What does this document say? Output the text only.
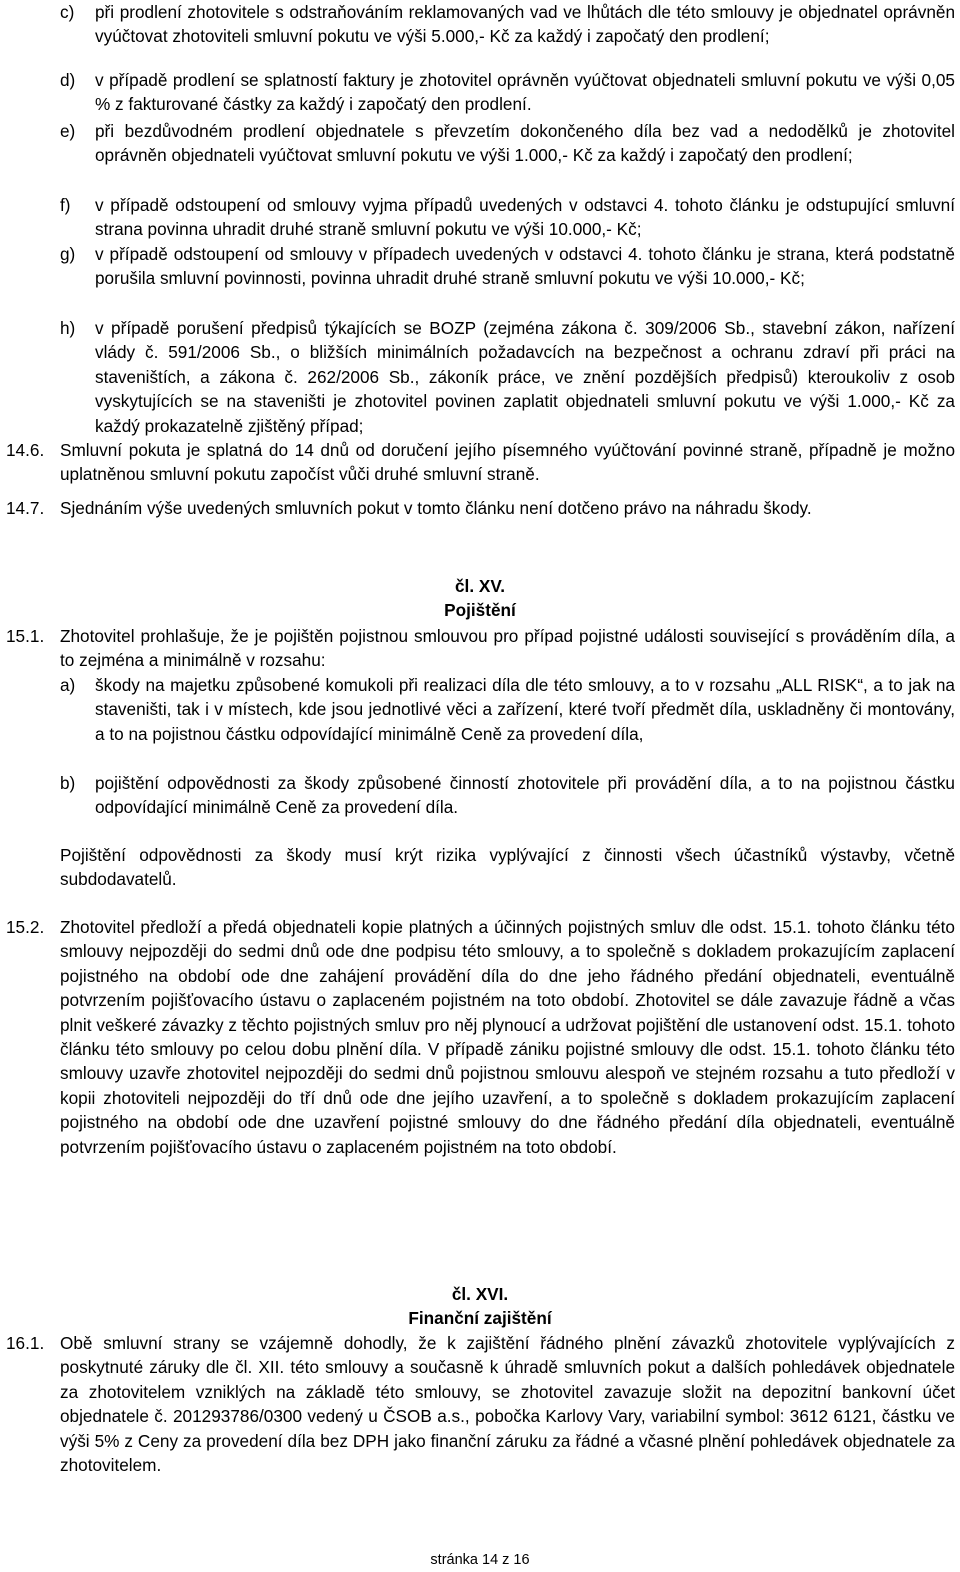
c) při prodlení zhotovitele s odstraňováním reklamovaných vad ve lhůtách dle této smlouvy je objednatel oprávněn vyúčtovat zhotoviteli smluvní pokutu ve výši 5.000,- Kč za každý i započatý den prodlení;
d) v případě prodlení se splatností faktury je zhotovitel oprávněn vyúčtovat objednateli smluvní pokutu ve výši 0,05 % z fakturované částky za každý i započatý den prodlení.
e) při bezdůvodném prodlení objednatele s převzetím dokončeného díla bez vad a nedodělků je zhotovitel oprávněn objednateli vyúčtovat smluvní pokutu ve výši 1.000,- Kč za každý i započatý den prodlení;
f) v případě odstoupení od smlouvy vyjma případů uvedených v odstavci 4. tohoto článku je odstupující smluvní strana povinna uhradit druhé straně smluvní pokutu ve výši 10.000,- Kč;
g) v případě odstoupení od smlouvy v případech uvedených v odstavci 4. tohoto článku je strana, která podstatně porušila smluvní povinnosti, povinna uhradit druhé straně smluvní pokutu ve výši 10.000,- Kč;
h) v případě porušení předpisů týkajících se BOZP (zejména zákona č. 309/2006 Sb., stavební zákon, nařízení vlády č. 591/2006 Sb., o bližších minimálních požadavcích na bezpečnost a ochranu zdraví při práci na staveništích, a zákona č. 262/2006 Sb., zákoník práce, ve znění pozdějších předpisů) kteroukoliv z osob vyskytujících se na staveništi je zhotovitel povinen zaplatit objednateli smluvní pokutu ve výši 1.000,- Kč za každý prokazatelně zjištěný případ;
14.6. Smluvní pokuta je splatná do 14 dnů od doručení jejího písemného vyúčtování povinné straně, případně je možno uplatněnou smluvní pokutu započíst vůči druhé smluvní straně.
14.7. Sjednáním výše uvedených smluvních pokut v tomto článku není dotčeno právo na náhradu škody.
čl. XV.
Pojištění
15.1. Zhotovitel prohlašuje, že je pojištěn pojistnou smlouvou pro případ pojistné události související s prováděním díla, a to zejména a minimálně v rozsahu:
a) škody na majetku způsobené komukoli při realizaci díla dle této smlouvy, a to v rozsahu „ALL RISK“, a to jak na staveništi, tak i v místech, kde jsou jednotlivé věci a zařízení, které tvoří předmět díla, uskladněny či montovány, a to na pojistnou částku odpovídající minimálně Ceně za provedení díla,
b) pojištění odpovědnosti za škody způsobené činností zhotovitele při provádění díla, a to na pojistnou částku odpovídající minimálně Ceně za provedení díla.
Pojištění odpovědnosti za škody musí krýt rizika vyplývající z činnosti všech účastníků výstavby, včetně subdodavatelů.
15.2. Zhotovitel předloží a předá objednateli kopie platných a účinných pojistných smluv dle odst. 15.1. tohoto článku této smlouvy nejpozději do sedmi dnů ode dne podpisu této smlouvy, a to společně s dokladem prokazujícím zaplacení pojistného na období ode dne zahájení provádění díla do dne jeho řádného předání objednateli, eventuálně potvrzením pojišťovacího ústavu o zaplaceném pojistném na toto období. Zhotovitel se dále zavazuje řádně a včas plnit veškeré závazky z těchto pojistných smluv pro něj plynoucí a udržovat pojištění dle ustanovení odst. 15.1. tohoto článku této smlouvy po celou dobu plnění díla. V případě zániku pojistné smlouvy dle odst. 15.1. tohoto článku této smlouvy uzavře zhotovitel nejpozději do sedmi dnů pojistnou smlouvu alespoň ve stejném rozsahu a tuto předloží v kopii zhotoviteli nejpozději do tří dnů ode dne jejího uzavření, a to společně s dokladem prokazujícím zaplacení pojistného na období ode dne uzavření pojistné smlouvy do dne řádného předání díla objednateli, eventuálně potvrzením pojišťovacího ústavu o zaplaceném pojistném na toto období.
čl. XVI.
Finanční zajištění
16.1. Obě smluvní strany se vzájemně dohodly, že k zajištění řádného plnění závazků zhotovitele vyplývajících z poskytnuté záruky dle čl. XII. této smlouvy a současně k úhradě smluvních pokut a dalších pohledávek objednatele za zhotovitelem vzniklých na základě této smlouvy, se zhotovitel zavazuje složit na depozitní bankovní účet objednatele č. 201293786/0300 vedený u ČSOB a.s., pobočka Karlovy Vary, variabilní symbol: 3612 6121, částku ve výši 5% z Ceny za provedení díla bez DPH jako finanční záruku za řádné a včasné plnění pohledávek objednatele za zhotovitelem.
stránka 14 z 16
